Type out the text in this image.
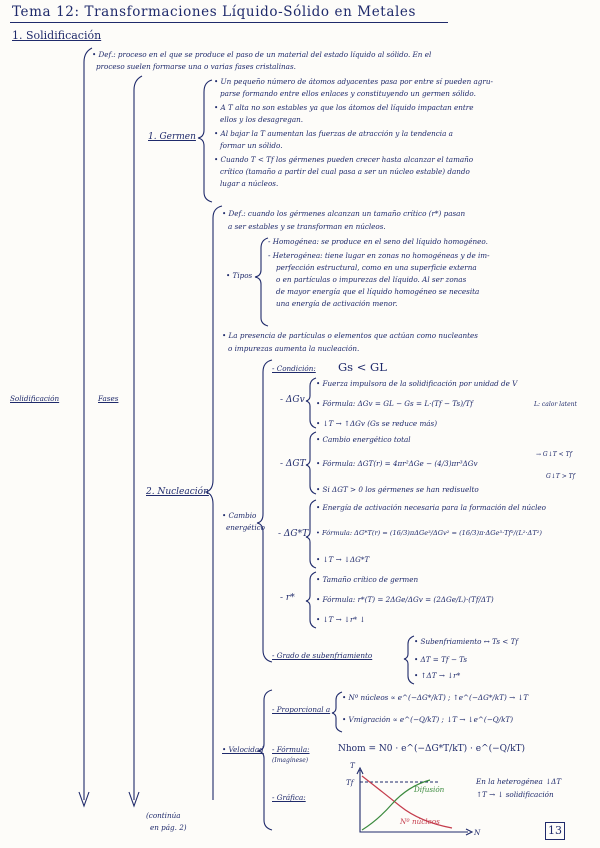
Tema 12: Transformaciones Líquido-Sólido en Metales
1. Solidificación
• Def.: proceso en el que se produce el paso de un material del estado líquido al sólido. En el
proceso suelen formarse una o varias fases cristalinas.
Solidificación	Fases
1. Germen
• Un pequeño número de átomos adyacentes pasa por entre sí pueden agru-
parse formando entre ellos enlaces y constituyendo un germen sólido.
• A T alta no son estables ya que los átomos del líquido impactan entre
ellos y los desagregan.
• Al bajar la T aumentan las fuerzas de atracción y la tendencia a
formar un sólido.
• Cuando T < Tf los gérmenes pueden crecer hasta alcanzar el tamaño
crítico (tamaño a partir del cual pasa a ser un núcleo estable) dando
lugar a núcleos.
2. Nucleación
• Def.: cuando los gérmenes alcanzan un tamaño crítico (r*) pasan
a ser estables y se transforman en núcleos.
• Tipos
- Homogénea: se produce en el seno del líquido homogéneo.
- Heterogénea: tiene lugar en zonas no homogéneas y de im-
perfección estructural, como en una superficie externa
o en partículas o impurezas del líquido. Al ser zonas
de mayor energía que el líquido homogéneo se necesita
una energía de activación menor.
• La presencia de partículas o elementos que actúan como nucleantes
o impurezas aumenta la nucleación.
• Cambio
energético
- Condición: Gs < GL
- ΔGv
• Fuerza impulsora de la solidificación por unidad de V
• Fórmula: ΔGv = GL − Gs = L·(Tf − Ts)/Tf
• ↓T → ↑ΔGv (Gs se reduce más)
L: calor latent
- ΔGT
• Cambio energético total
• Fórmula: ΔGT(r) = 4πr²ΔGe − (4/3)πr³ΔGv
• Si ΔGT > 0 los gérmenes se han redisuelto
→ G↓T < Tf
G↓T > Tf
- ΔG*T
• Energía de activación necesaria para la formación del núcleo
• Fórmula: ΔG*T(r) = (16/3)πΔGe³/ΔGv² = (16/3)π·ΔGe³·Tf²/(L²·ΔT²)
• ↓T → ↓ΔG*T
- r*
• Tamaño crítico de germen
• Fórmula: r*(T) = 2ΔGe/ΔGv = (2ΔGe/L)·(Tf/ΔT)
• ↓T → ↓r* ↓
- Grado de subenfriamiento
• Subenfriamiento ↔ Ts < Tf
• ΔT = Tf − Ts
• ↑ΔT → ↓r*
• Velocidad
- Proporcional a
• Nº núcleos ∝ e^(−ΔG*/kT) ; ↑e^(−ΔG*/kT) → ↓T
• Vmigración ∝ e^(−Q/kT) ; ↓T → ↓e^(−Q/kT)
- Fórmula:
(Imagínese)
Nhom = N0 · e^(−ΔG*T/kT) · e^(−Q/kT)
- Gráfica:
T
Tf
N
Difusión
Nº núcleos
En la heterogénea ↓ΔT
↑T → ↓ solidificación
(continúa
en pág. 2)	13
